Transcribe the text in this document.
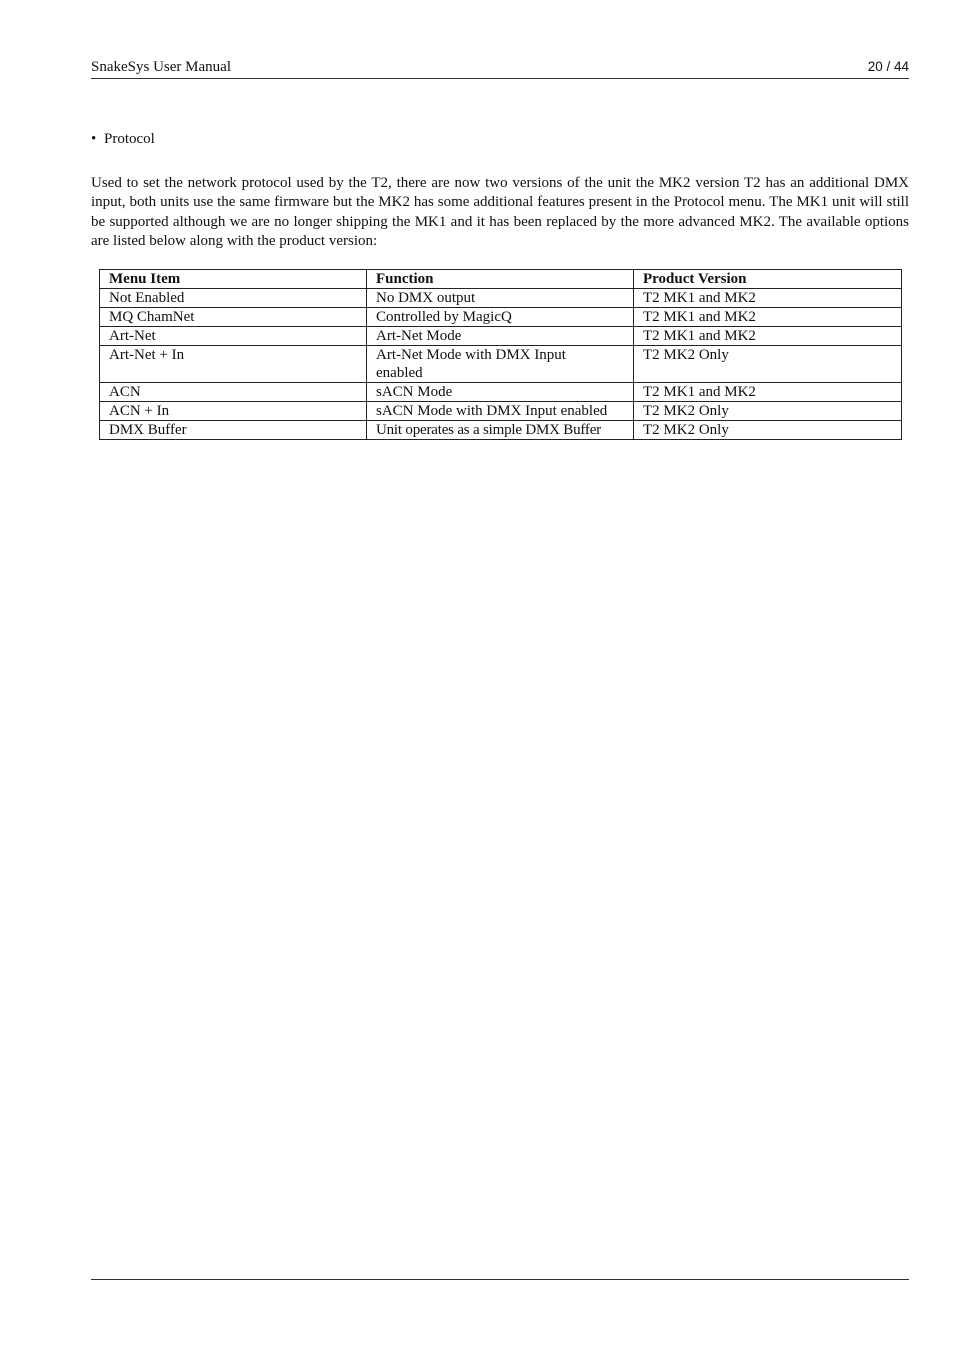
SnakeSys User Manual	20 / 44
• Protocol

Used to set the network protocol used by the T2, there are now two versions of the unit the MK2 version T2 has an additional DMX input, both units use the same firmware but the MK2 has some additional features present in the Protocol menu. The MK1 unit will still be supported although we are no longer shipping the MK1 and it has been replaced by the more advanced MK2. The available options are listed below along with the product version:

Menu Item	Function	Product Version
Not Enabled	No DMX output	T2 MK1 and MK2
MQ ChamNet	Controlled by MagicQ	T2 MK1 and MK2
Art-Net	Art-Net Mode	T2 MK1 and MK2
Art-Net + In	Art-Net Mode with DMX Input enabled	T2 MK2 Only
ACN	sACN Mode	T2 MK1 and MK2
ACN + In	sACN Mode with DMX Input enabled	T2 MK2 Only
DMX Buffer	Unit operates as a simple DMX Buffer	T2 MK2 Only
